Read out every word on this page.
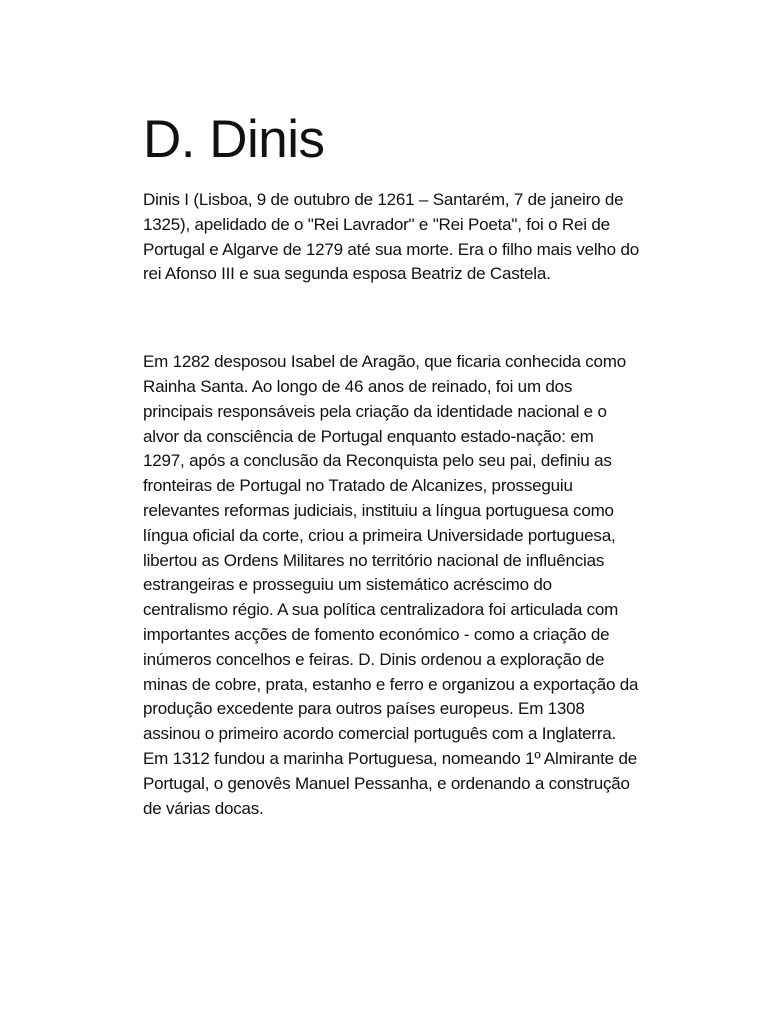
D. Dinis

Dinis I (Lisboa, 9 de outubro de 1261 – Santarém, 7 de janeiro de 1325), apelidado de o "Rei Lavrador" e "Rei Poeta", foi o Rei de Portugal e Algarve de 1279 até sua morte. Era o filho mais velho do rei Afonso III e sua segunda esposa Beatriz de Castela.

Em 1282 desposou Isabel de Aragão, que ficaria conhecida como Rainha Santa. Ao longo de 46 anos de reinado, foi um dos principais responsáveis pela criação da identidade nacional e o alvor da consciência de Portugal enquanto estado-nação: em 1297, após a conclusão da Reconquista pelo seu pai, definiu as fronteiras de Portugal no Tratado de Alcanizes, prosseguiu relevantes reformas judiciais, instituiu a língua portuguesa como língua oficial da corte, criou a primeira Universidade portuguesa, libertou as Ordens Militares no território nacional de influências estrangeiras e prosseguiu um sistemático acréscimo do centralismo régio. A sua política centralizadora foi articulada com importantes acções de fomento económico - como a criação de inúmeros concelhos e feiras. D. Dinis ordenou a exploração de minas de cobre, prata, estanho e ferro e organizou a exportação da produção excedente para outros países europeus. Em 1308 assinou o primeiro acordo comercial português com a Inglaterra. Em 1312 fundou a marinha Portuguesa, nomeando 1º Almirante de Portugal, o genovês Manuel Pessanha, e ordenando a construção de várias docas.
